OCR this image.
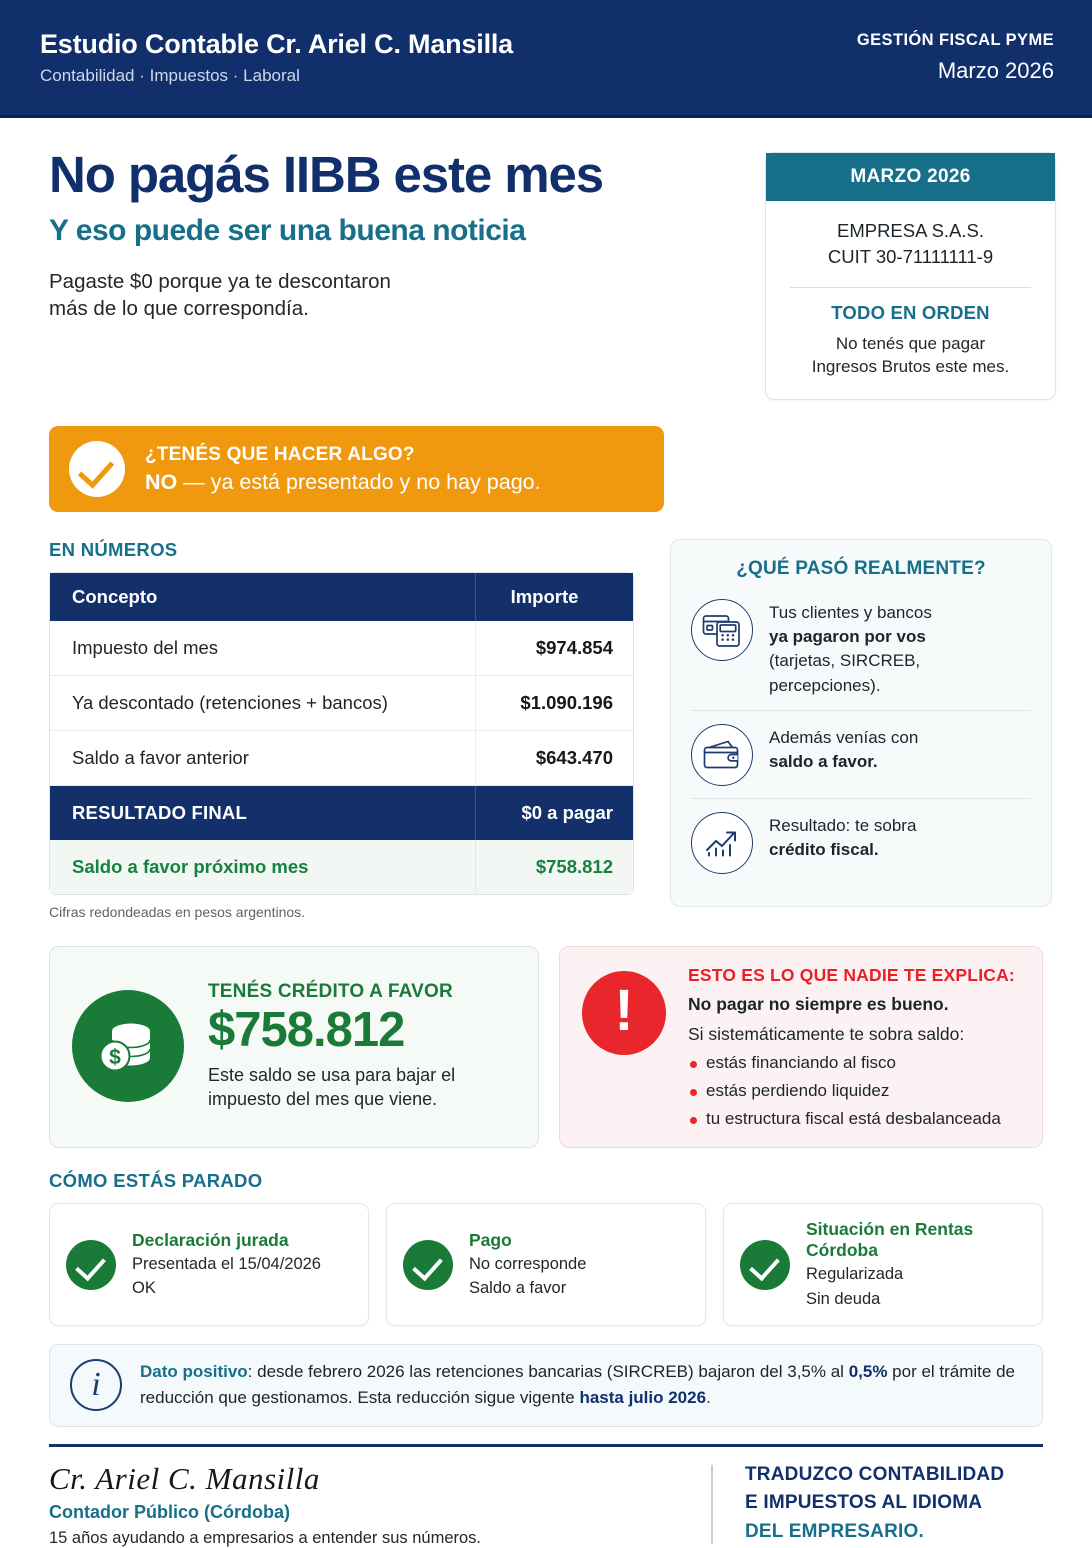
Estudio Contable Cr. Ariel C. Mansilla
Contabilidad · Impuestos · Laboral
GESTIÓN FISCAL PYME
Marzo 2026
No pagás IIBB este mes
Y eso puede ser una buena noticia
Pagaste $0 porque ya te descontaron
más de lo que correspondía.
MARZO 2026
EMPRESA S.A.S.
CUIT 30-71111111-9
TODO EN ORDEN
No tenés que pagar
Ingresos Brutos este mes.
¿TENÉS QUE HACER ALGO?
NO — ya está presentado y no hay pago.
EN NÚMEROS
Concepto	Importe
Impuesto del mes	$974.854
Ya descontado (retenciones + bancos)	$1.090.196
Saldo a favor anterior	$643.470
RESULTADO FINAL	$0 a pagar
Saldo a favor próximo mes	$758.812
Cifras redondeadas en pesos argentinos.
¿QUÉ PASÓ REALMENTE?
Tus clientes y bancos
ya pagaron por vos
(tarjetas, SIRCREB,
percepciones).
Además venías con
saldo a favor.
Resultado: te sobra
crédito fiscal.
$
TENÉS CRÉDITO A FAVOR
$758.812
Este saldo se usa para bajar el
impuesto del mes que viene.
!
ESTO ES LO QUE NADIE TE EXPLICA:
No pagar no siempre es bueno.
Si sistemáticamente te sobra saldo:
estás financiando al fisco
estás perdiendo liquidez
tu estructura fiscal está desbalanceada
CÓMO ESTÁS PARADO
Declaración jurada
Presentada el 15/04/2026
OK
Pago
No corresponde
Saldo a favor
Situación en Rentas Córdoba
Regularizada
Sin deuda
i	Dato positivo: desde febrero 2026 las retenciones bancarias (SIRCREB) bajaron del 3,5% al 0,5% por el trámite de reducción que gestionamos. Esta reducción sigue vigente hasta julio 2026.
Cr. Ariel C. Mansilla
Contador Público (Córdoba)
15 años ayudando a empresarios a entender sus números.
TRADUZCO CONTABILIDAD
E IMPUESTOS AL IDIOMA
DEL EMPRESARIO.
